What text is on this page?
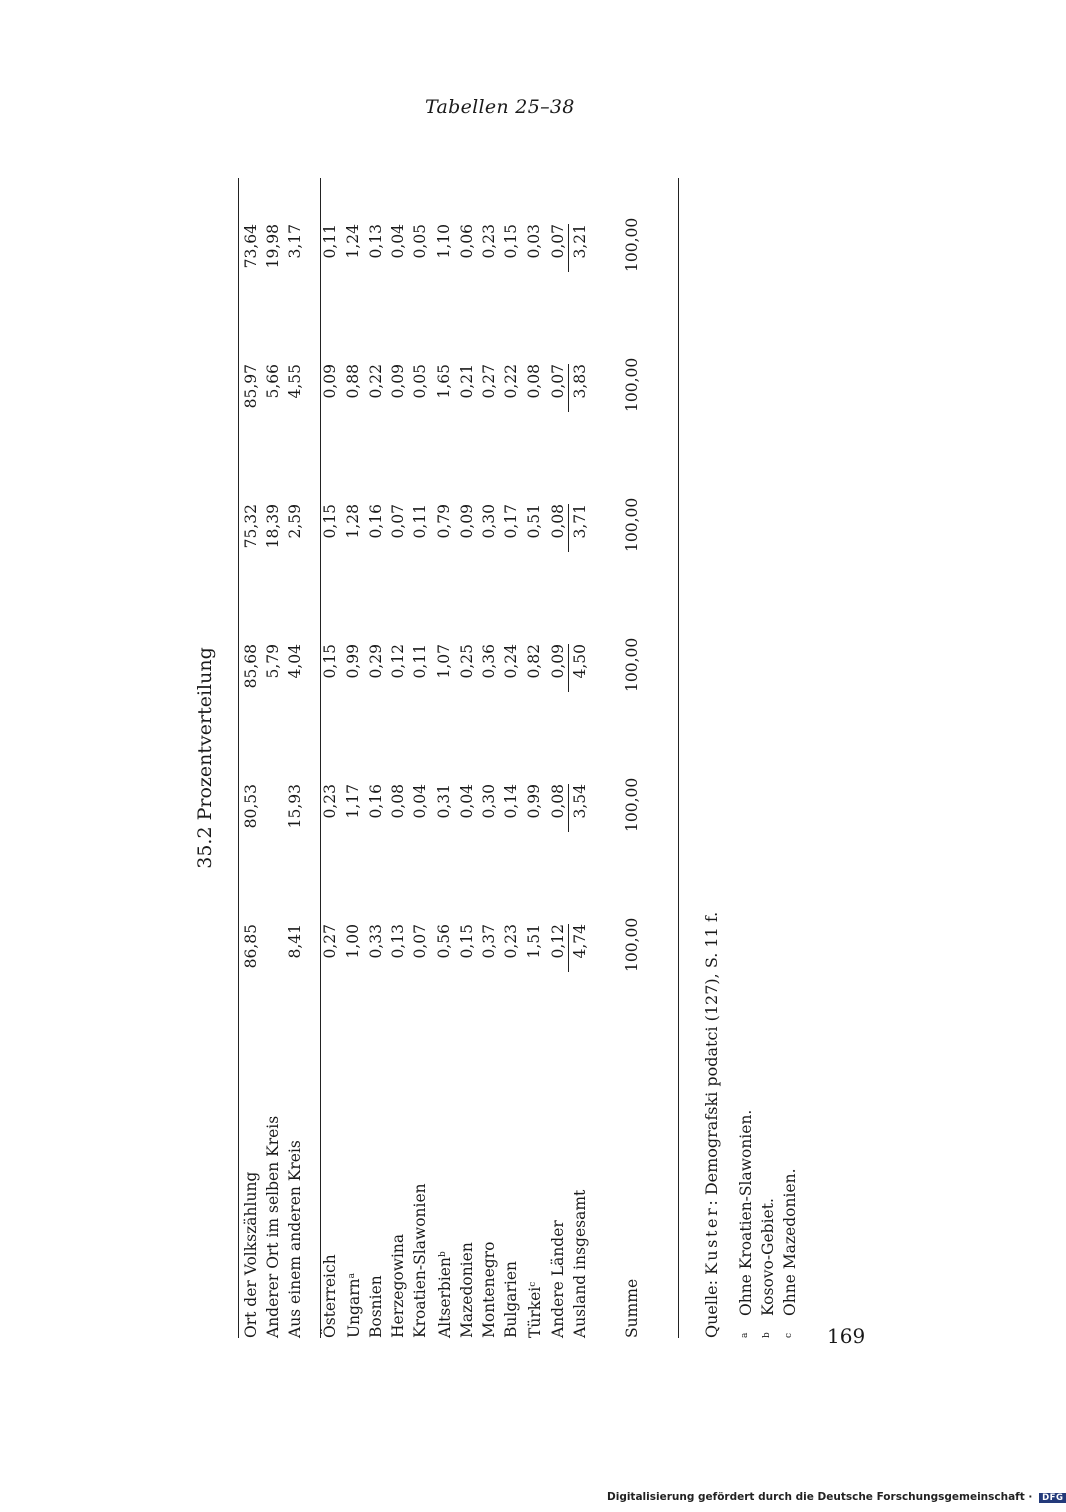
Tabellen 25–38
35.2 Prozentverteilung
Ort der Volkszählung	86,85	80,53	85,68	75,32	85,97	73,64
Anderer Ort im selben Kreis			5,79	18,39	5,66	19,98
Aus einem anderen Kreis	8,41	15,93	4,04	2,59	4,55	3,17

Österreich	0,27	0,23	0,15	0,15	0,09	0,11
Ungarn$^a$	1,00	1,17	0,99	1,28	0,88	1,24
Bosnien	0,33	0,16	0,29	0,16	0,22	0,13
Herzegowina	0,13	0,08	0,12	0,07	0,09	0,04
Kroatien-Slawonien	0,07	0,04	0,11	0,11	0,05	0,05
Altserbien$^b$	0,56	0,31	1,07	0,79	1,65	1,10
Mazedonien	0,15	0,04	0,25	0,09	0,21	0,06
Montenegro	0,37	0,30	0,36	0,30	0,27	0,23
Bulgarien	0,23	0,14	0,24	0,17	0,22	0,15
Türkei$^c$	1,51	0,99	0,82	0,51	0,08	0,03
Andere Länder	0,12	0,08	0,09	0,08	0,07	0,07
Ausland insgesamt	4,74	3,54	4,50	3,71	3,83	3,21

Summe	100,00	100,00	100,00	100,00	100,00	100,00
Quelle: Kuster: Demografski podatci (127), S. 11 f.
$^a$Ohne Kroatien-Slawonien.
$^b$Kosovo-Gebiet.
$^c$Ohne Mazedonien.
169
Digitalisierung gefördert durch die Deutsche Forschungsgemeinschaft · DFG
